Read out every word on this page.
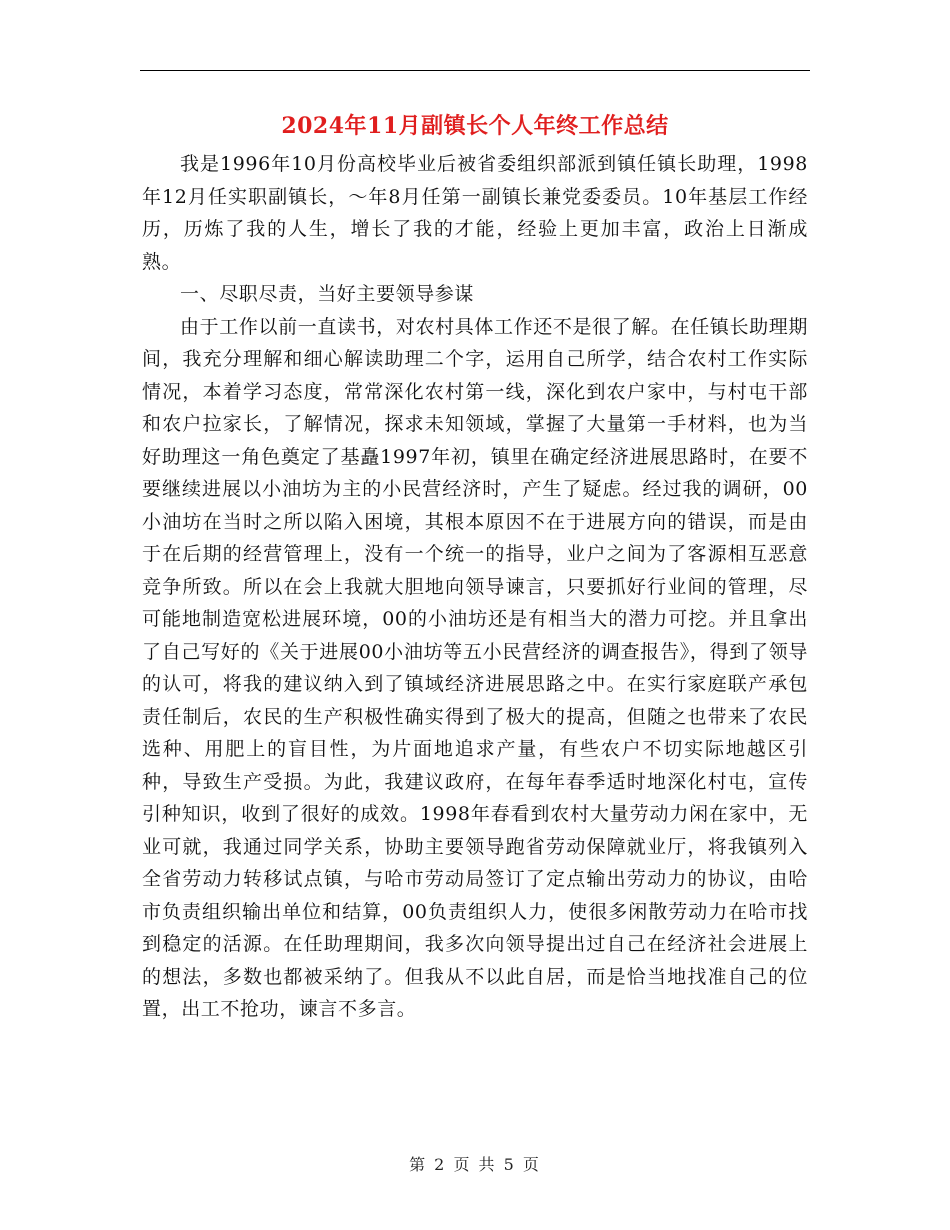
2024年11月副镇长个人年终工作总结

我是1996年10月份高校毕业后被省委组织部派到镇任镇长助理，1998年12月任实职副镇长，～年8月任第一副镇长兼党委委员。10年基层工作经历，历炼了我的人生，增长了我的才能，经验上更加丰富，政治上日渐成熟。

一、尽职尽责，当好主要领导参谋

由于工作以前一直读书，对农村具体工作还不是很了解。在任镇长助理期间，我充分理解和细心解读助理二个字，运用自己所学，结合农村工作实际情况，本着学习态度，常常深化农村第一线，深化到农户家中，与村屯干部和农户拉家长，了解情况，探求未知领域，掌握了大量第一手材料，也为当好助理这一角色奠定了基矗1997年初，镇里在确定经济进展思路时，在要不要继续进展以小油坊为主的小民营经济时，产生了疑虑。经过我的调研，00小油坊在当时之所以陷入困境，其根本原因不在于进展方向的错误，而是由于在后期的经营管理上，没有一个统一的指导，业户之间为了客源相互恶意竞争所致。所以在会上我就大胆地向领导谏言，只要抓好行业间的管理，尽可能地制造宽松进展环境，00的小油坊还是有相当大的潜力可挖。并且拿出了自己写好的《关于进展00小油坊等五小民营经济的调查报告》，得到了领导的认可，将我的建议纳入到了镇域经济进展思路之中。在实行家庭联产承包责任制后，农民的生产积极性确实得到了极大的提高，但随之也带来了农民选种、用肥上的盲目性，为片面地追求产量，有些农户不切实际地越区引种，导致生产受损。为此，我建议政府，在每年春季适时地深化村屯，宣传引种知识，收到了很好的成效。1998年春看到农村大量劳动力闲在家中，无业可就，我通过同学关系，协助主要领导跑省劳动保障就业厅，将我镇列入全省劳动力转移试点镇，与哈市劳动局签订了定点输出劳动力的协议，由哈市负责组织输出单位和结算，00负责组织人力，使很多闲散劳动力在哈市找到稳定的活源。在任助理期间，我多次向领导提出过自己在经济社会进展上的想法，多数也都被采纳了。但我从不以此自居，而是恰当地找准自己的位置，出工不抢功，谏言不多言。

第 2 页 共 5 页
